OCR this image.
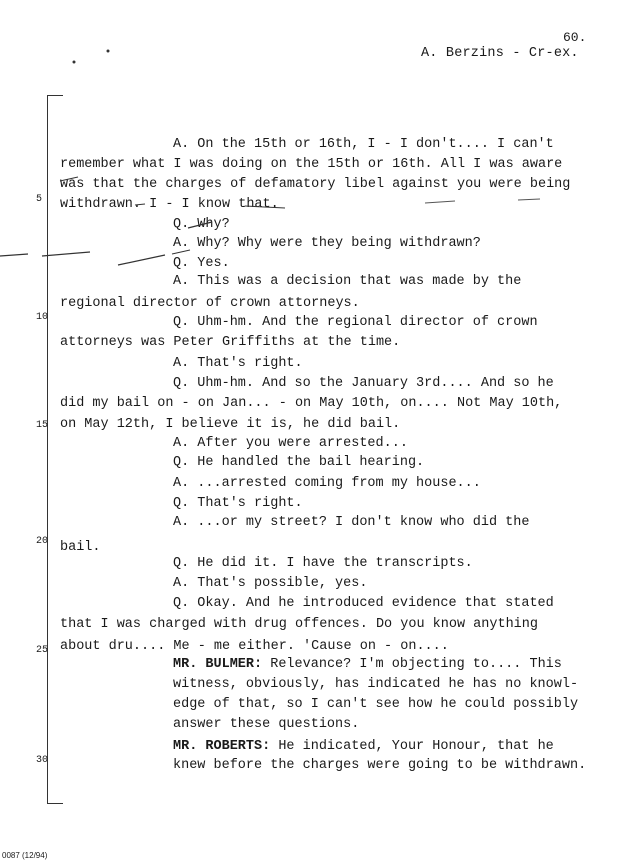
60.
A. Berzins - Cr-ex.
5
10
15
20
25
30
A. On the 15th or 16th, I - I don't.... I can't
remember what I was doing on the 15th or 16th. All I was aware
was that the charges of defamatory libel against you were being
withdrawn. I - I know that.
Q. Why?
A. Why? Why were they being withdrawn?
Q. Yes.
A. This was a decision that was made by the
regional director of crown attorneys.
Q. Uhm-hm. And the regional director of crown
attorneys was Peter Griffiths at the time.
A. That's right.
Q. Uhm-hm. And so the January 3rd.... And so he
did my bail on - on Jan... - on May 10th, on.... Not May 10th,
on May 12th, I believe it is, he did bail.
A. After you were arrested...
Q. He handled the bail hearing.
A. ...arrested coming from my house...
Q. That's right.
A. ...or my street? I don't know who did the
bail.
Q. He did it. I have the transcripts.
A. That's possible, yes.
Q. Okay. And he introduced evidence that stated
that I was charged with drug offences. Do you know anything
about dru.... Me - me either. 'Cause on - on....
MR. BULMER: Relevance? I'm objecting to.... This
witness, obviously, has indicated he has no knowl-
edge of that, so I can't see how he could possibly
answer these questions.
MR. ROBERTS: He indicated, Your Honour, that he
knew before the charges were going to be withdrawn.
0087 (12/94)
